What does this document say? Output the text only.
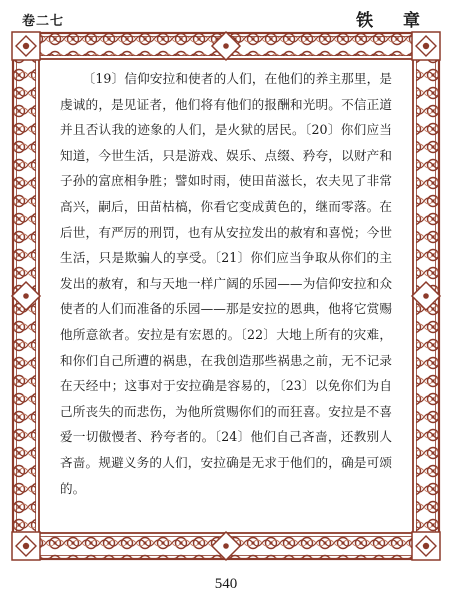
卷二七	铁 章

〔19〕信仰安拉和使者的人们，在他们的养主那里，是虔诚的，是见证者，他们将有他们的报酬和光明。不信正道并且否认我的迹象的人们，是火狱的居民。〔20〕你们应当知道，今世生活，只是游戏、娱乐、点缀、矜夸，以财产和子孙的富庶相争胜；譬如时雨，使田苗滋长，农夫见了非常高兴，嗣后，田苗枯槁，你看它变成黄色的，继而零落。在后世，有严厉的刑罚，也有从安拉发出的赦宥和喜悦；今世生活，只是欺骗人的享受。〔21〕你们应当争取从你们的主发出的赦宥，和与天地一样广阔的乐园——为信仰安拉和众使者的人们而准备的乐园——那是安拉的恩典，他将它赏赐他所意欲者。安拉是有宏恩的。〔22〕大地上所有的灾难，和你们自己所遭的祸患，在我创造那些祸患之前，无不记录在天经中；这事对于安拉确是容易的，〔23〕以免你们为自己所丧失的而悲伤，为他所赏赐你们的而狂喜。安拉是不喜爱一切傲慢者、矜夸者的。〔24〕他们自己吝啬，还教别人吝啬。规避义务的人们，安拉确是无求于他们的，确是可颂的。

540
